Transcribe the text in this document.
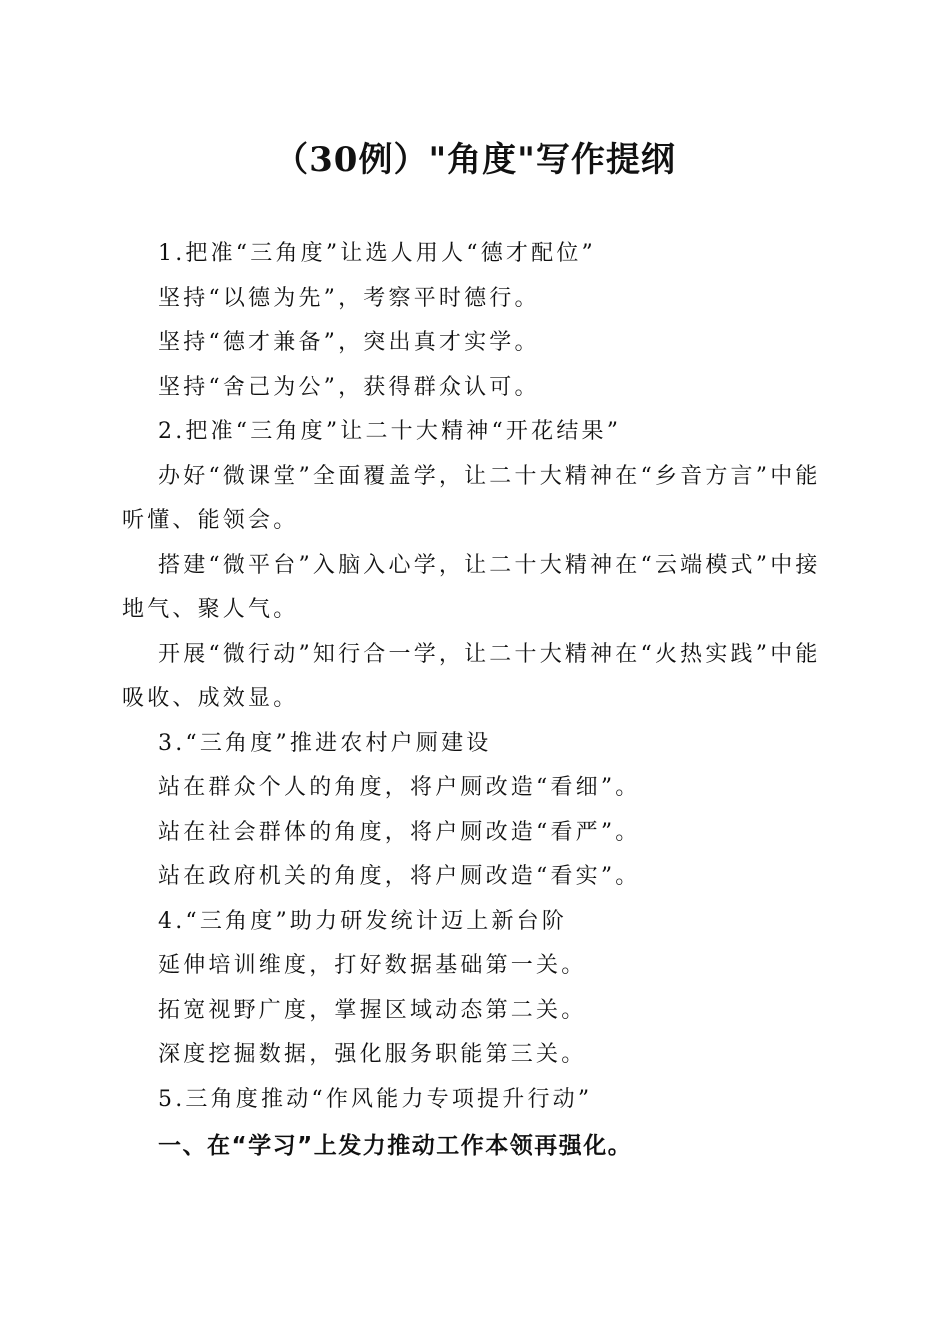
（30例）"角度"写作提纲

1.把准“三角度”让选人用人“德才配位”

坚持“以德为先”，考察平时德行。

坚持“德才兼备”，突出真才实学。

坚持“舍己为公”，获得群众认可。

2.把准“三角度”让二十大精神“开花结果”

办好“微课堂”全面覆盖学，让二十大精神在“乡音方言”中能听懂、能领会。

搭建“微平台”入脑入心学，让二十大精神在“云端模式”中接地气、聚人气。

开展“微行动”知行合一学，让二十大精神在“火热实践”中能吸收、成效显。

3.“三角度”推进农村户厕建设

站在群众个人的角度，将户厕改造“看细”。

站在社会群体的角度，将户厕改造“看严”。

站在政府机关的角度，将户厕改造“看实”。

4.“三角度”助力研发统计迈上新台阶

延伸培训维度，打好数据基础第一关。

拓宽视野广度，掌握区域动态第二关。

深度挖掘数据，强化服务职能第三关。

5.三角度推动“作风能力专项提升行动”

一、在“学习”上发力推动工作本领再强化。
